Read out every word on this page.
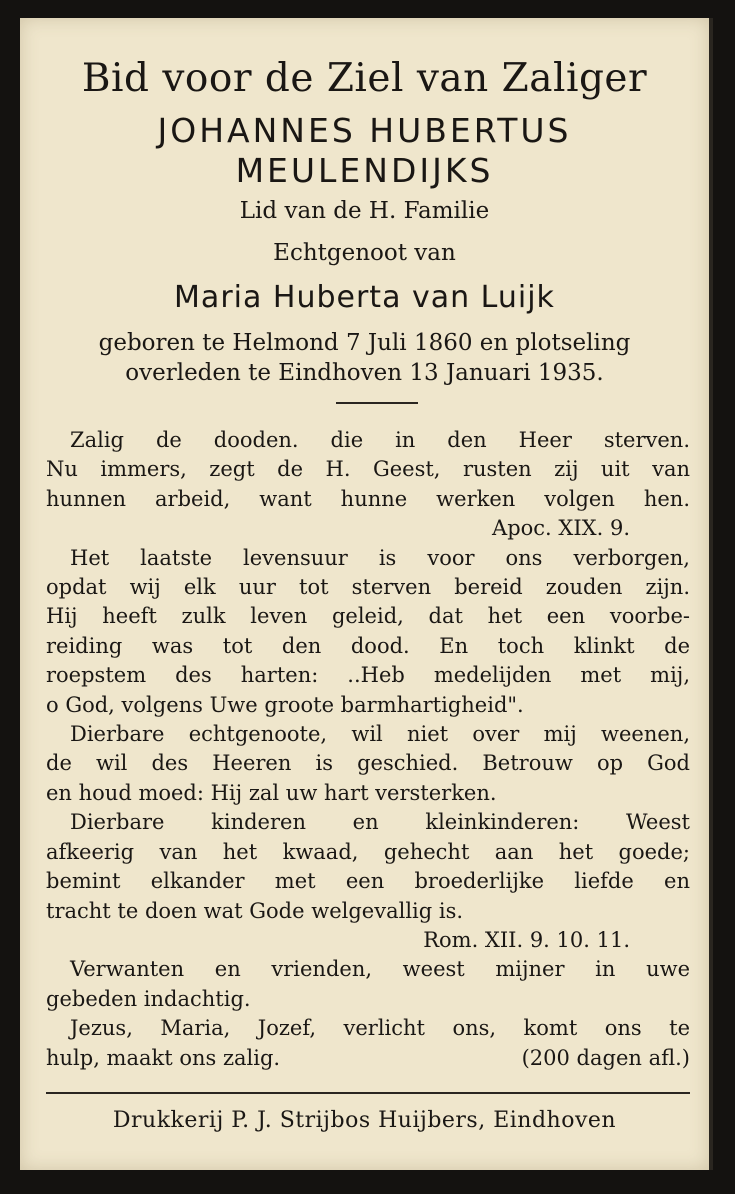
Bid voor de Ziel van Zaliger
JOHANNES HUBERTUS
MEULENDIJKS
Lid van de H. Familie
Echtgenoot van
Maria Huberta van Luijk
geboren te Helmond 7 Juli 1860 en plotseling
overleden te Eindhoven 13 Januari 1935.

Zalig de dooden. die in den Heer sterven.

Nu immers, zegt de H. Geest, rusten zij uit van

hunnen arbeid, want hunne werken volgen hen.

Apoc. XIX. 9.

Het laatste levensuur is voor ons verborgen,

opdat wij elk uur tot sterven bereid zouden zijn.

Hij heeft zulk leven geleid, dat het een voorbe-

reiding was tot den dood. En toch klinkt de

roepstem des harten: ..Heb medelijden met mij,

o God, volgens Uwe groote barmhartigheid".

Dierbare echtgenoote, wil niet over mij weenen,

de wil des Heeren is geschied. Betrouw op God

en houd moed: Hij zal uw hart versterken.

Dierbare kinderen en kleinkinderen: Weest

afkeerig van het kwaad, gehecht aan het goede;

bemint elkander met een broederlijke liefde en

tracht te doen wat Gode welgevallig is.

Rom. XII. 9. 10. 11.

Verwanten en vrienden, weest mijner in uwe

gebeden indachtig.

Jezus, Maria, Jozef, verlicht ons, komt ons te

hulp, maakt ons zalig.	(200 dagen afl.)
Drukkerij P. J. Strijbos Huijbers, Eindhoven
